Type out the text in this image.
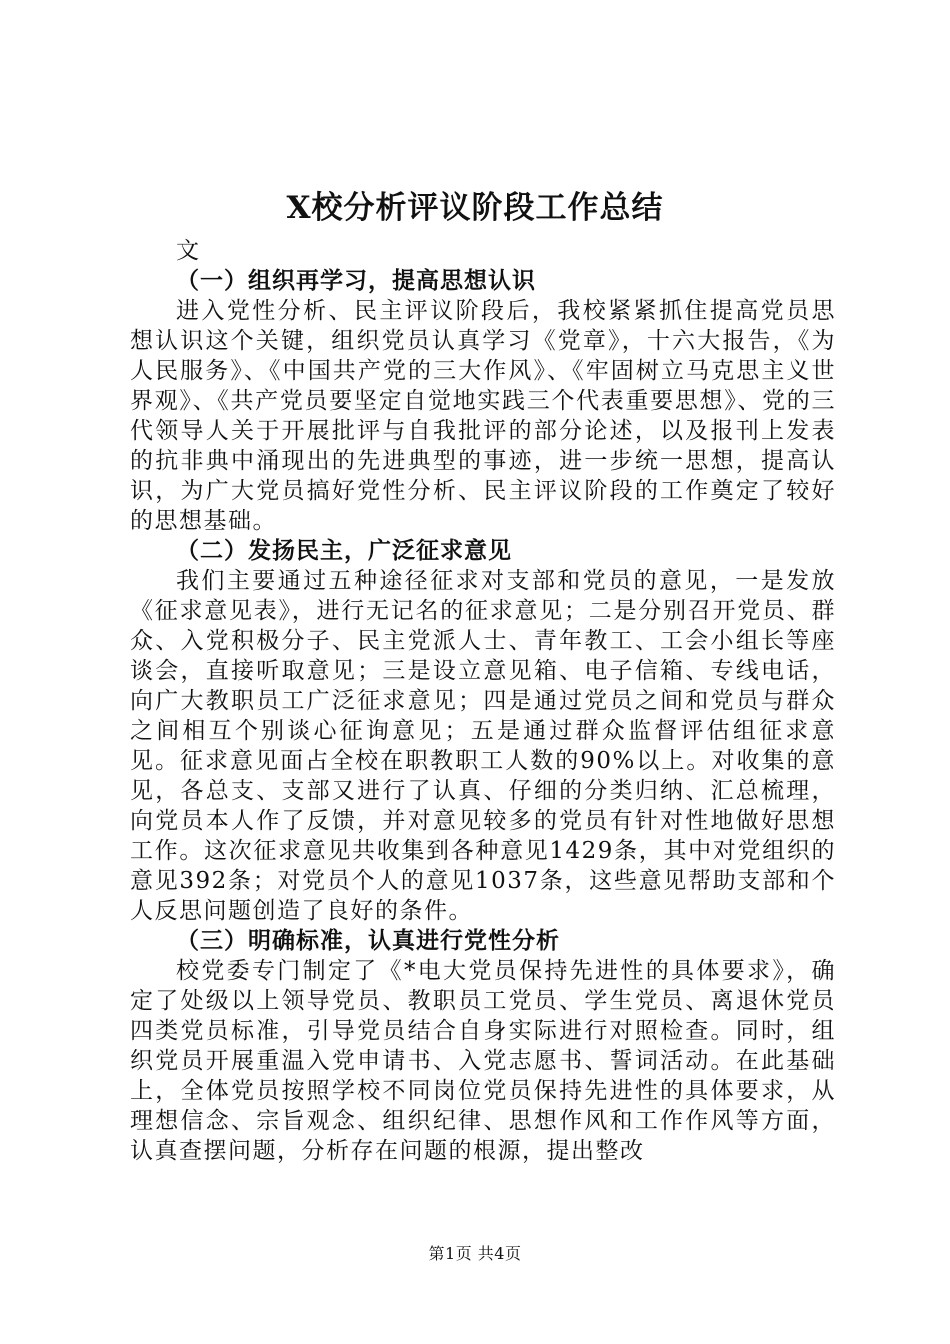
X校分析评议阶段工作总结

文

（一）组织再学习，提高思想认识

进入党性分析、民主评议阶段后，我校紧紧抓住提高党员思想认识这个关键，组织党员认真学习《党章》，十六大报告，《为人民服务》、《中国共产党的三大作风》、《牢固树立马克思主义世界观》、《共产党员要坚定自觉地实践三个代表重要思想》、党的三代领导人关于开展批评与自我批评的部分论述，以及报刊上发表的抗非典中涌现出的先进典型的事迹，进一步统一思想，提高认识，为广大党员搞好党性分析、民主评议阶段的工作奠定了较好的思想基础。

（二）发扬民主，广泛征求意见

我们主要通过五种途径征求对支部和党员的意见，一是发放《征求意见表》，进行无记名的征求意见；二是分别召开党员、群众、入党积极分子、民主党派人士、青年教工、工会小组长等座谈会，直接听取意见；三是设立意见箱、电子信箱、专线电话，向广大教职员工广泛征求意见；四是通过党员之间和党员与群众之间相互个别谈心征询意见；五是通过群众监督评估组征求意见。征求意见面占全校在职教职工人数的90%以上。对收集的意见，各总支、支部又进行了认真、仔细的分类归纳、汇总梳理，向党员本人作了反馈，并对意见较多的党员有针对性地做好思想工作。这次征求意见共收集到各种意见1429条，其中对党组织的意见392条；对党员个人的意见1037条，这些意见帮助支部和个人反思问题创造了良好的条件。

（三）明确标准，认真进行党性分析

校党委专门制定了《*电大党员保持先进性的具体要求》，确定了处级以上领导党员、教职员工党员、学生党员、离退休党员四类党员标准，引导党员结合自身实际进行对照检查。同时，组织党员开展重温入党申请书、入党志愿书、誓词活动。在此基础上，全体党员按照学校不同岗位党员保持先进性的具体要求，从理想信念、宗旨观念、组织纪律、思想作风和工作作风等方面，认真查摆问题，分析存在问题的根源，提出整改

第1页 共4页
